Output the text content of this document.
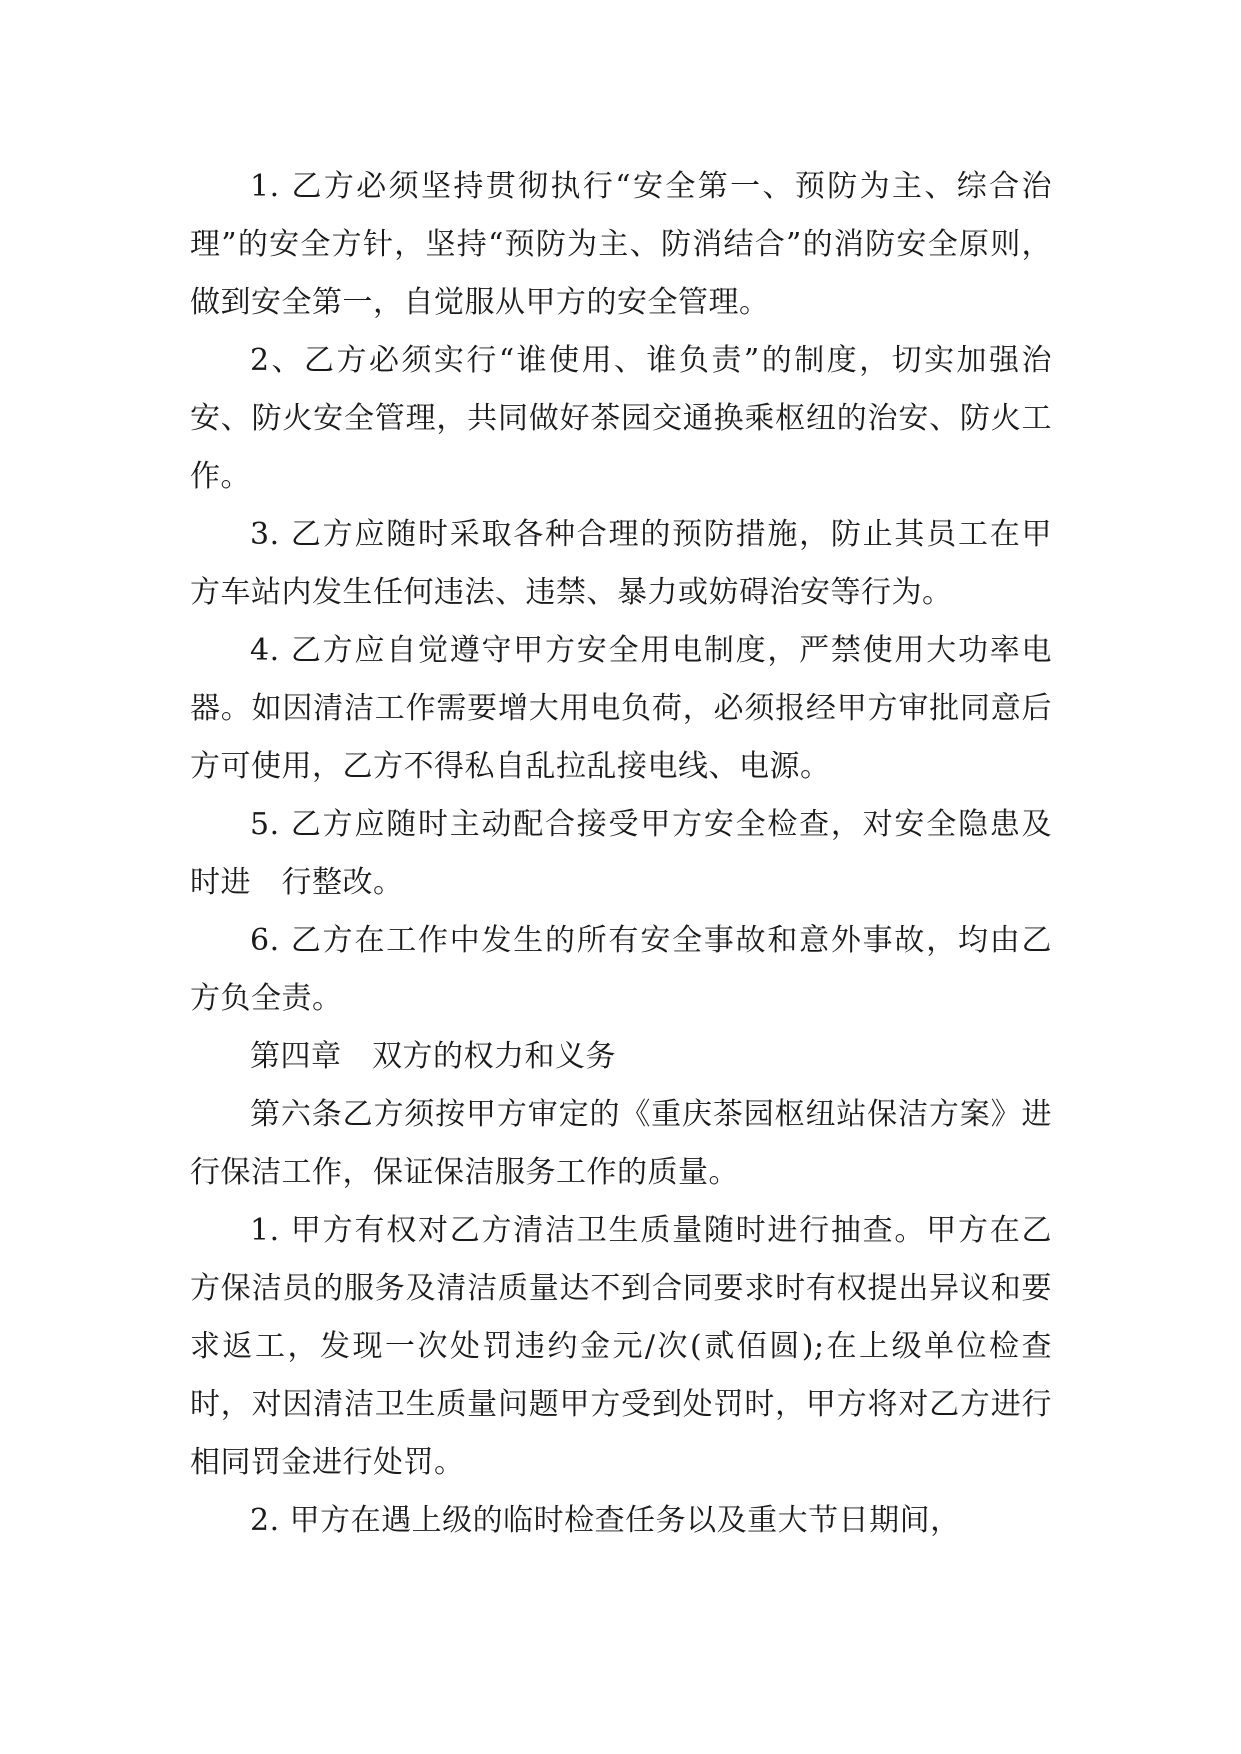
1. 乙方必须坚持贯彻执行“安全第一、预防为主、综合治理”的安全方针，坚持“预防为主、防消结合”的消防安全原则，做到安全第一，自觉服从甲方的安全管理。

2、乙方必须实行“谁使用、谁负责”的制度，切实加强治安、防火安全管理，共同做好茶园交通换乘枢纽的治安、防火工作。

3. 乙方应随时采取各种合理的预防措施，防止其员工在甲方车站内发生任何违法、违禁、暴力或妨碍治安等行为。

4. 乙方应自觉遵守甲方安全用电制度，严禁使用大功率电器。如因清洁工作需要增大用电负荷，必须报经甲方审批同意后方可使用，乙方不得私自乱拉乱接电线、电源。

5. 乙方应随时主动配合接受甲方安全检查，对安全隐患及时进　行整改。

6. 乙方在工作中发生的所有安全事故和意外事故，均由乙方负全责。

第四章　双方的权力和义务

第六条乙方须按甲方审定的《重庆茶园枢纽站保洁方案》进行保洁工作，保证保洁服务工作的质量。

1. 甲方有权对乙方清洁卫生质量随时进行抽查。甲方在乙方保洁员的服务及清洁质量达不到合同要求时有权提出异议和要求返工，发现一次处罚违约金元/次(贰佰圆);在上级单位检查时，对因清洁卫生质量问题甲方受到处罚时，甲方将对乙方进行相同罚金进行处罚。

2. 甲方在遇上级的临时检查任务以及重大节日期间，
